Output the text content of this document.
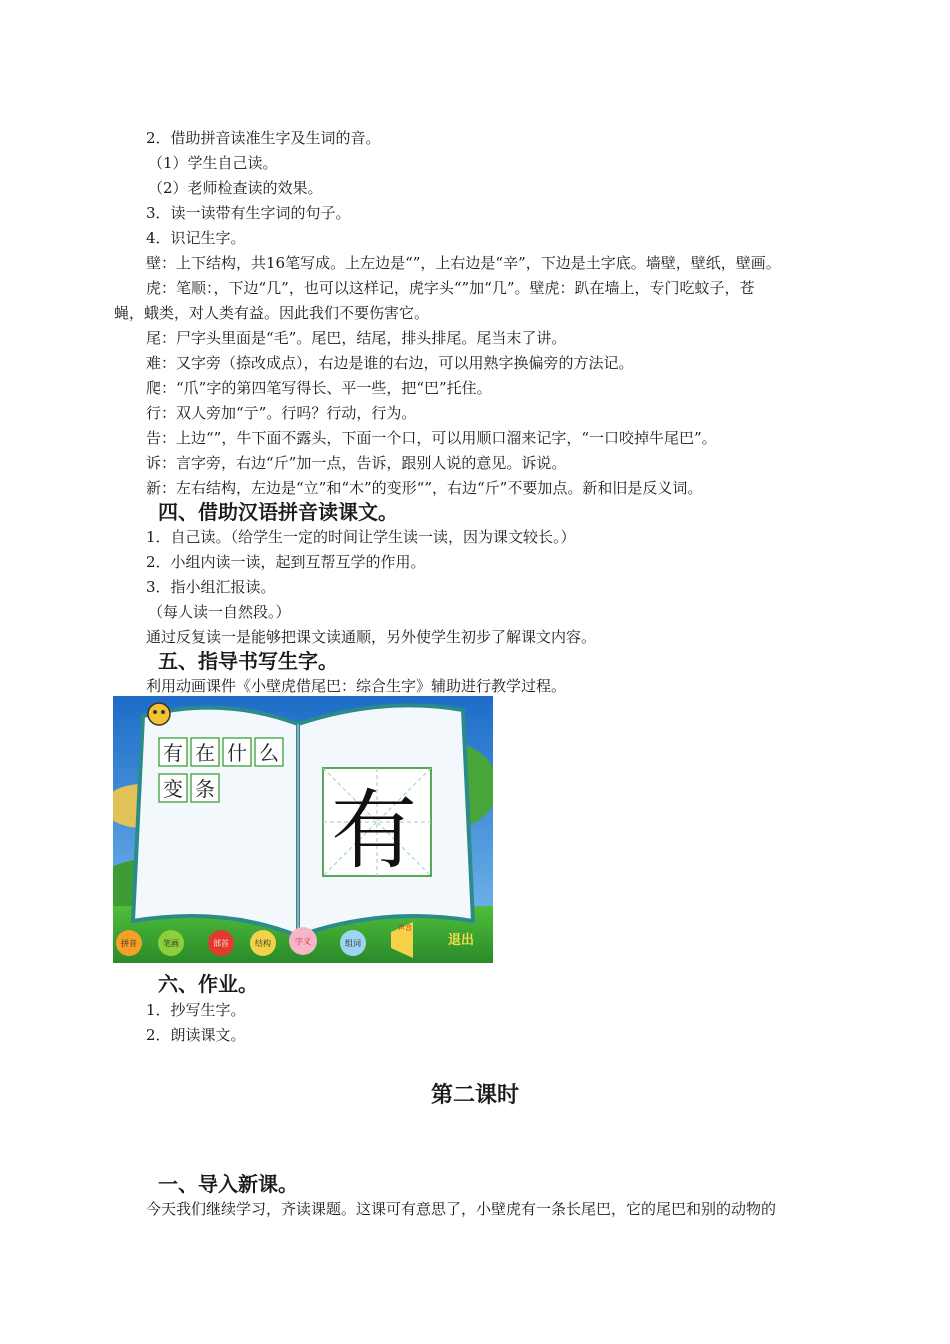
2．借助拼音读准生字及生词的音。
（1）学生自己读。
（2）老师检查读的效果。
3．读一读带有生字词的句子。
4．识记生字。
壁：上下结构，共16笔写成。上左边是“”，上右边是“辛”，下边是土字底。墙壁，壁纸，壁画。
虎：笔顺：，下边“几”，也可以这样记，虎字头“”加“几”。壁虎：趴在墙上，专门吃蚊子，苍
蝇，蛾类，对人类有益。因此我们不要伤害它。
尾：尸字头里面是“毛”。尾巴，结尾，排头排尾。尾当末了讲。
难：又字旁（捺改成点），右边是谁的右边，可以用熟字换偏旁的方法记。
爬：“爪”字的第四笔写得长、平一些，把“巴”托住。
行：双人旁加“亍”。行吗？行动，行为。
告：上边“”，牛下面不露头，下面一个口，可以用顺口溜来记字，“一口咬掉牛尾巴”。
诉：言字旁，右边“斤”加一点，告诉，跟别人说的意见。诉说。
新：左右结构，左边是“立”和“木”的变形“”，右边“斤”不要加点。新和旧是反义词。
四、借助汉语拼音读课文。
1．自己读。（给学生一定的时间让学生读一读，因为课文较长。）
2．小组内读一读，起到互帮互学的作用。
3．指小组汇报读。
（每人读一自然段。）
通过反复读一是能够把课文读通顺，另外使学生初步了解课文内容。
五、指导书写生字。
利用动画课件《小壁虎借尾巴：综合生字》辅助进行教学过程。
有 在 什 么
变 条 有
拼音	笔画	部首	结构	字义	组词
声音
退出
六、作业。
1．抄写生字。
2．朗读课文。
第二课时
一、导入新课。
今天我们继续学习，齐读课题。这课可有意思了，小壁虎有一条长尾巴，它的尾巴和别的动物的
